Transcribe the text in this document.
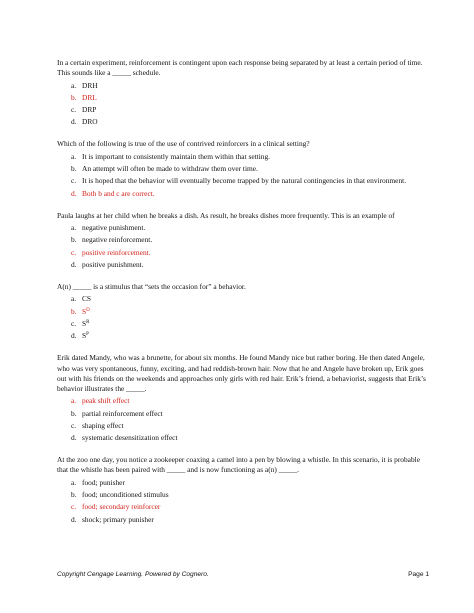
In a certain experiment, reinforcement is contingent upon each response being separated by at least a certain period of time. This sounds like a _____ schedule.
a. DRH
b. DRL
c. DRP
d. DRO
Which of the following is true of the use of contrived reinforcers in a clinical setting?
a. It is important to consistently maintain them within that setting.
b. An attempt will often be made to withdraw them over time.
c. It is hoped that the behavior will eventually become trapped by the natural contingencies in that environment.
d. Both b and c are correct.
Paula laughs at her child when he breaks a dish. As result, he breaks dishes more frequently. This is an example of
a. negative punishment.
b. negative reinforcement.
c. positive reinforcement.
d. positive punishment.
A(n) _____ is a stimulus that “sets the occasion for” a behavior.
a. CS
b. $S^D$
c. $S^R$
d. $S^P$
Erik dated Mandy, who was a brunette, for about six months. He found Mandy nice but rather boring. He then dated Angele, who was very spontaneous, funny, exciting, and had reddish-brown hair. Now that he and Angele have broken up, Erik goes out with his friends on the weekends and approaches only girls with red hair. Erik’s friend, a behaviorist, suggests that Erik’s behavior illustrates the _____.
a. peak shift effect
b. partial reinforcement effect
c. shaping effect
d. systematic desensitization effect
At the zoo one day, you notice a zookeeper coaxing a camel into a pen by blowing a whistle. In this scenario, it is probable that the whistle has been paired with _____ and is now functioning as a(n) _____.
a. food; punisher
b. food; unconditioned stimulus
c. food; secondary reinforcer
d. shock; primary punisher
Copyright Cengage Learning. Powered by Cognero.	Page 1
